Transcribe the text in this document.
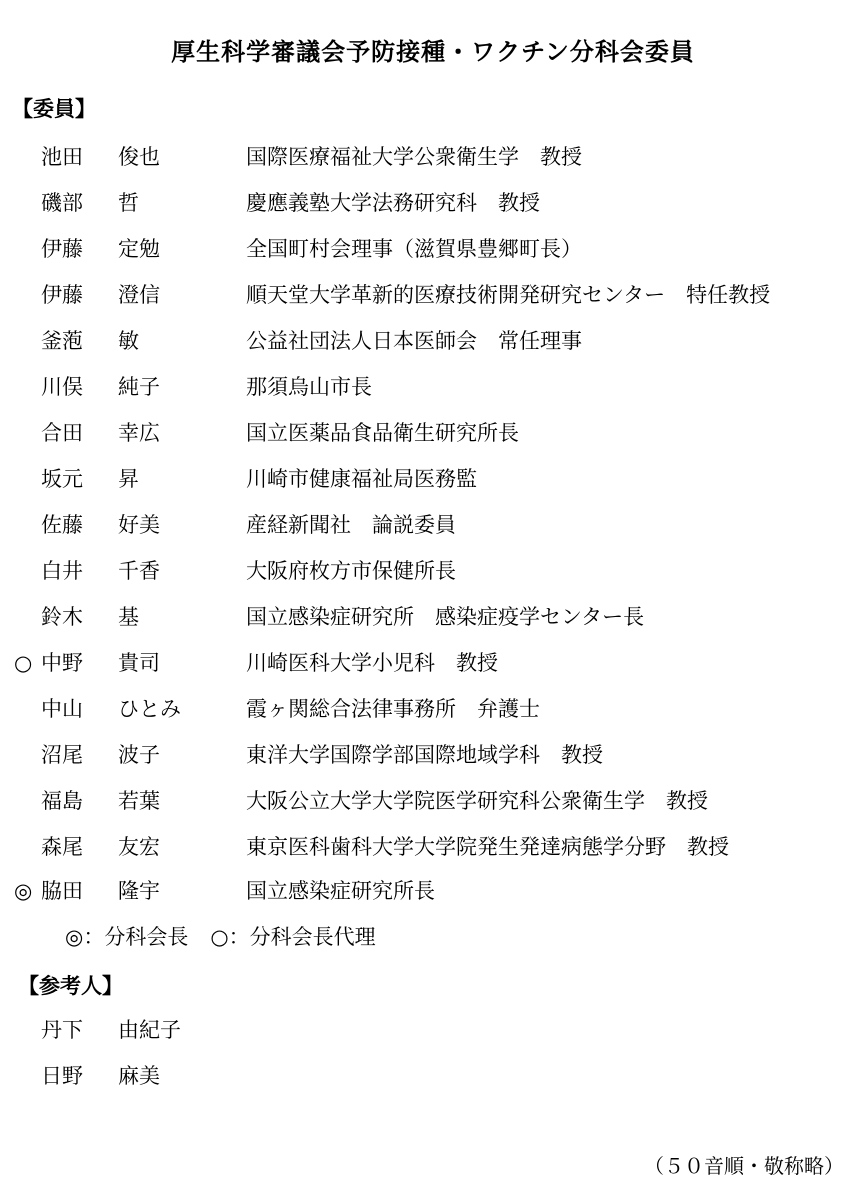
厚生科学審議会予防接種・ワクチン分科会委員
【委員】
池田 俊也	国際医療福祉大学公衆衛生学　教授
磯部 哲	慶應義塾大学法務研究科　教授
伊藤 定勉	全国町村会理事（滋賀県豊郷町長）
伊藤 澄信	順天堂大学革新的医療技術開発研究センター　特任教授
釜萢 敏	公益社団法人日本医師会　常任理事
川俣 純子	那須烏山市長
合田 幸広	国立医薬品食品衛生研究所長
坂元 昇	川崎市健康福祉局医務監
佐藤 好美	産経新聞社　論説委員
白井 千香	大阪府枚方市保健所長
鈴木 基	国立感染症研究所　感染症疫学センター長
○ 中野 貴司	川崎医科大学小児科　教授
中山 ひとみ	霞ヶ関総合法律事務所　弁護士
沼尾 波子	東洋大学国際学部国際地域学科　教授
福島 若葉	大阪公立大学大学院医学研究科公衆衛生学　教授
森尾 友宏	東京医科歯科大学大学院発生発達病態学分野　教授
◎ 脇田 隆宇	国立感染症研究所長
◎：分科会長 ○：分科会長代理
【参考人】
丹下 由紀子
日野 麻美
（５０音順・敬称略）
